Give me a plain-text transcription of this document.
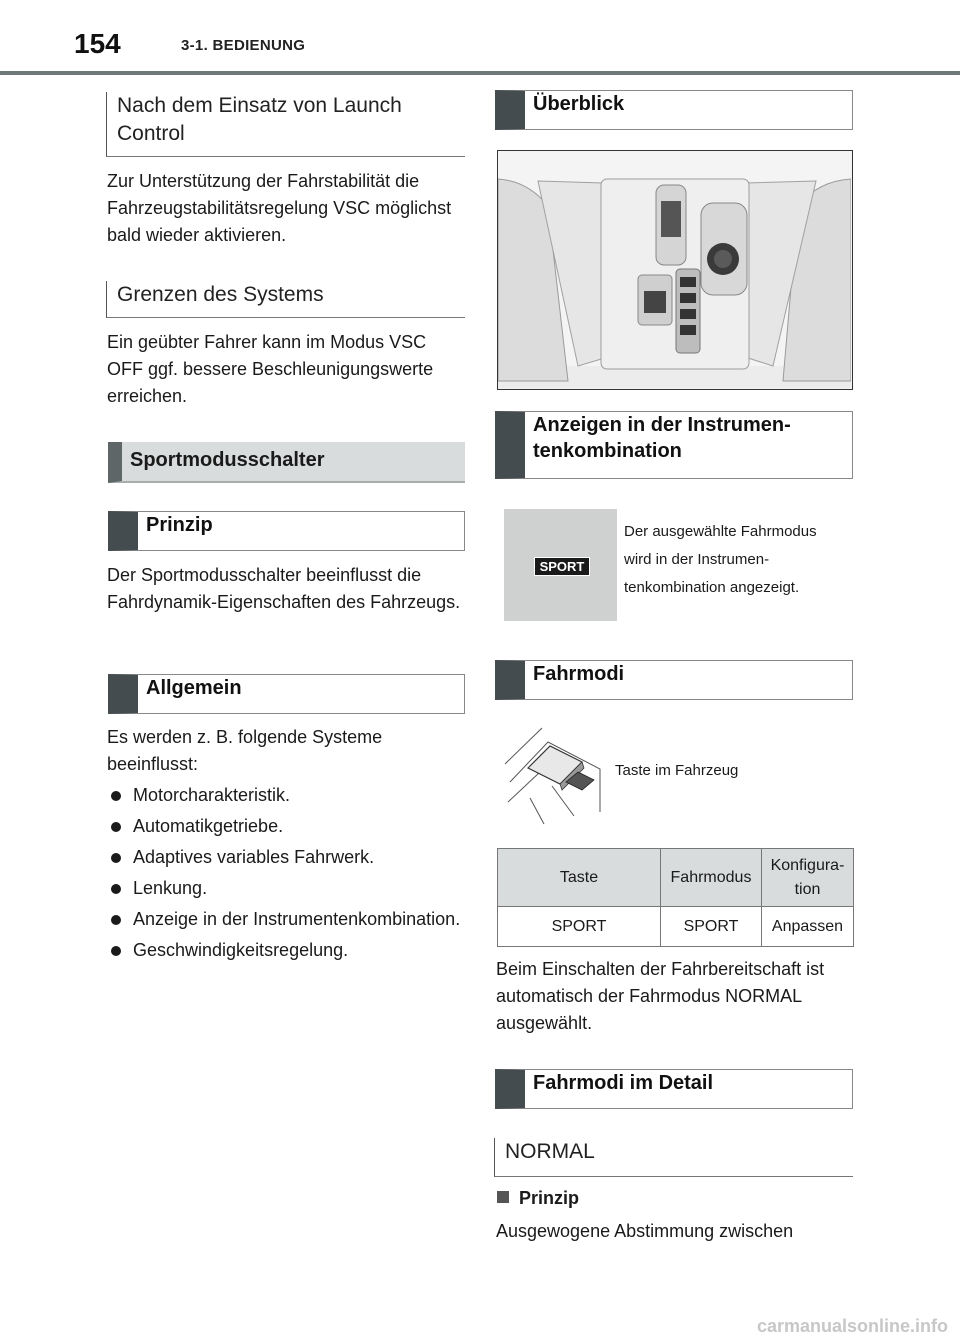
154	3-1. BEDIENUNG
Nach dem Einsatz von Launch Control
Zur Unterstützung der Fahrstabilität die Fahrzeugstabilitätsregelung VSC möglichst bald wieder aktivieren.
Grenzen des Systems
Ein geübter Fahrer kann im Modus VSC OFF ggf. bessere Beschleunigungswerte erreichen.
Sportmodusschalter
Prinzip
Der Sportmodusschalter beeinflusst die Fahrdynamik-Eigenschaften des Fahrzeugs.
Allgemein
Es werden z. B. folgende Systeme beeinflusst:
Motorcharakteristik.
Automatikgetriebe.
Adaptives variables Fahrwerk.
Lenkung.
Anzeige in der Instrumentenkombination.
Geschwindigkeitsregelung.
Überblick
Anzeigen in der Instrumentenkombination
SPORT
Der ausgewählte Fahrmodus wird in der Instrumentenkombination angezeigt.
Fahrmodi
Taste im Fahrzeug
Taste	Fahrmodus	Konfiguration
SPORT	SPORT	Anpassen
Beim Einschalten der Fahrbereitschaft ist automatisch der Fahrmodus NORMAL ausgewählt.
Fahrmodi im Detail
NORMAL
Prinzip
Ausgewogene Abstimmung zwischen
carmanualsonline.info
